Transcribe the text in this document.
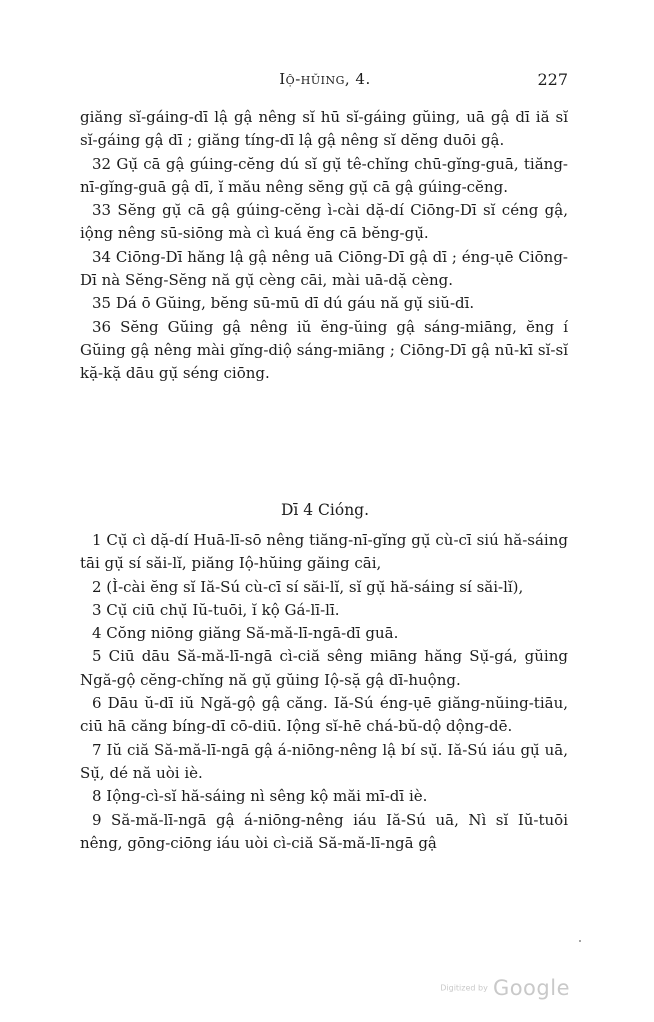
Iộ-hŭing, 4.	227

giăng sĭ-gáing-dī lậ gậ nêng sĭ hū sĭ-gáing gŭing, uā gậ dī iă sĭ sĭ-gáing gậ dī ; giăng tíng-dī lậ gậ nêng sĭ dĕng duōi gậ.

32 Gụ̆ cā gậ gúing-cĕng dú sĭ gụ̆ tê-chĭng chū-gĭng-guā, tiăng-nī-gĭng-guā gậ dī, ĭ mău nêng sĕng gụ̆ cā gậ gúing-cĕng.

33 Sĕng gụ̆ cā gậ gúing-cĕng ì-cài dặ-dí Ciōng-Dī sĭ céng gậ, iộng nêng sū-siōng mà cì kuá ĕng cā bĕng-gụ̆.

34 Ciōng-Dī hăng lậ gậ nêng uā Ciōng-Dī gậ dī ; éng-ụē Ciōng-Dī nà Sĕng-Sĕng nă gụ̆ cèng cāi, mài uā-dặ cèng.

35 Dá ō Gŭing, bĕng sū-mū dī dú gáu nă gụ̆ siŭ-dī.

36 Sĕng Gŭing gậ nêng iŭ ĕng-ŭing gậ sáng-miāng, ĕng í Gŭing gậ nêng mài gĭng-diộ sáng-miāng ; Ciōng-Dī gậ nū-kī sĭ-sĭ kặ-kặ dāu gụ̆ séng ciōng.

Dī 4 Cióng.

1 Cụ̆ cì dặ-dí Huā-lī-sō nêng tiăng-nī-gĭng gụ̆ cù-cī siú hă-sáing tāi gụ̆ sí săi-lĭ, piăng Iộ-hŭing găing cāi,

2 (Ì-cài ĕng sĭ Iă-Sú cù-cī sí săi-lĭ, sĭ gụ̆ hă-sáing sí săi-lĭ),

3 Cụ̆ ciū chụ̆ Iŭ-tuōi, ĭ kộ Gá-lī-lī.

4 Cŏng niōng giăng Să-mă-lī-ngā-dī guā.

5 Ciū dāu Să-mă-lī-ngā cì-ciă sêng miāng hăng Sụ̆-gá, gŭing Ngă-gộ cĕng-chĭng nă gụ̆ gŭing Iộ-sặ gậ dī-huộng.

6 Dāu ŭ-dī iŭ Ngă-gộ gậ căng. Iă-Sú éng-ụē giăng-nŭing-tiāu, ciū hā căng bíng-dī cō-diū. Iộng sĭ-hē chá-bŭ-dộ dộng-dē.

7 Iŭ ciă Să-mă-lī-ngā gậ á-niōng-nêng lậ bí sụ̆. Iă-Sú iáu gụ̆ uā, Sụ̆, dé nă uòi iè.

8 Iộng-cì-sĭ hă-sáing nì sêng kộ măi mī-dī iè.

9 Să-mă-lī-ngā gậ á-niōng-nêng iáu Iă-Sú uā, Nì sĭ Iŭ-tuōi nêng, gōng-ciōng iáu uòi cì-ciă Să-mă-lī-ngā gậ

Digitized by Google
